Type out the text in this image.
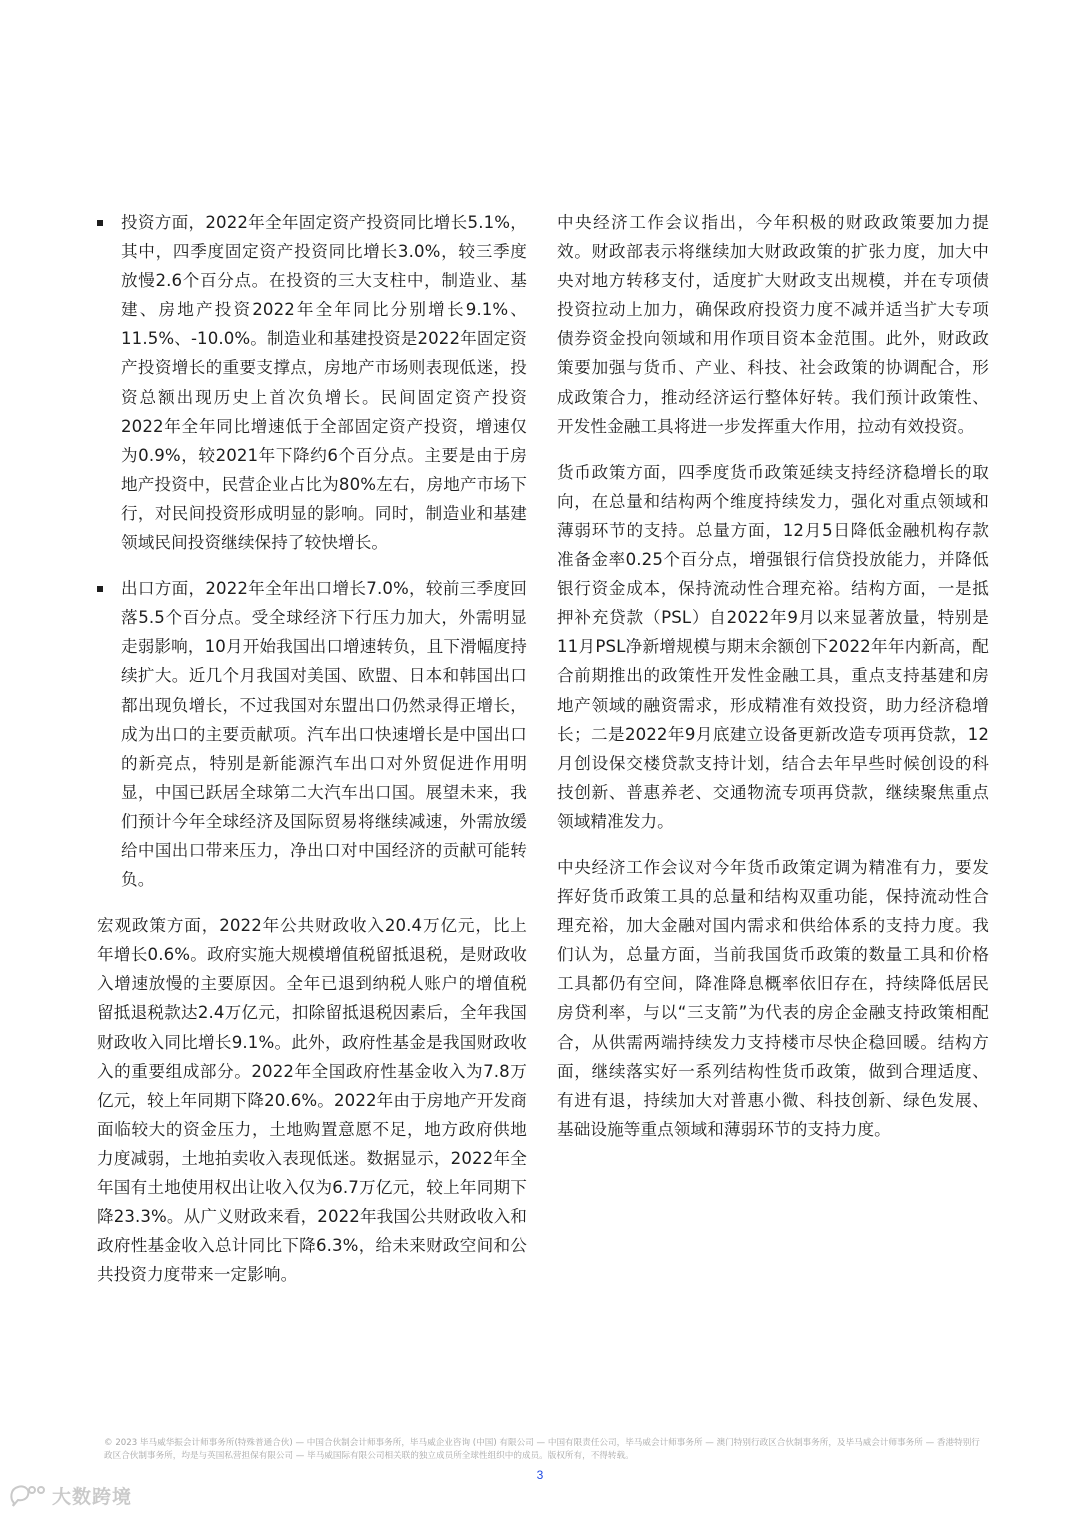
投资方面，2022年全年固定资产投资同比增长5.1%，其中，四季度固定资产投资同比增长3.0%，较三季度放慢2.6个百分点。在投资的三大支柱中，制造业、基建、房地产投资2022年全年同比分别增长9.1%、11.5%、-10.0%。制造业和基建投资是2022年固定资产投资增长的重要支撑点，房地产市场则表现低迷，投资总额出现历史上首次负增长。民间固定资产投资2022年全年同比增速低于全部固定资产投资，增速仅为0.9%，较2021年下降约6个百分点。主要是由于房地产投资中，民营企业占比为80%左右，房地产市场下行，对民间投资形成明显的影响。同时，制造业和基建领域民间投资继续保持了较快增长。
出口方面，2022年全年出口增长7.0%，较前三季度回落5.5个百分点。受全球经济下行压力加大，外需明显走弱影响，10月开始我国出口增速转负，且下滑幅度持续扩大。近几个月我国对美国、欧盟、日本和韩国出口都出现负增长，不过我国对东盟出口仍然录得正增长，成为出口的主要贡献项。汽车出口快速增长是中国出口的新亮点，特别是新能源汽车出口对外贸促进作用明显，中国已跃居全球第二大汽车出口国。展望未来，我们预计今年全球经济及国际贸易将继续减速，外需放缓给中国出口带来压力，净出口对中国经济的贡献可能转负。

宏观政策方面，2022年公共财政收入20.4万亿元，比上年增长0.6%。政府实施大规模增值税留抵退税，是财政收入增速放慢的主要原因。全年已退到纳税人账户的增值税留抵退税款达2.4万亿元，扣除留抵退税因素后，全年我国财政收入同比增长9.1%。此外，政府性基金是我国财政收入的重要组成部分。2022年全国政府性基金收入为7.8万亿元，较上年同期下降20.6%。2022年由于房地产开发商面临较大的资金压力，土地购置意愿不足，地方政府供地力度减弱，土地拍卖收入表现低迷。数据显示，2022年全年国有土地使用权出让收入仅为6.7万亿元，较上年同期下降23.3%。从广义财政来看，2022年我国公共财政收入和政府性基金收入总计同比下降6.3%，给未来财政空间和公共投资力度带来一定影响。

中央经济工作会议指出，今年积极的财政政策要加力提效。财政部表示将继续加大财政政策的扩张力度，加大中央对地方转移支付，适度扩大财政支出规模，并在专项债投资拉动上加力，确保政府投资力度不减并适当扩大专项债券资金投向领域和用作项目资本金范围。此外，财政政策要加强与货币、产业、科技、社会政策的协调配合，形成政策合力，推动经济运行整体好转。我们预计政策性、开发性金融工具将进一步发挥重大作用，拉动有效投资。

货币政策方面，四季度货币政策延续支持经济稳增长的取向，在总量和结构两个维度持续发力，强化对重点领域和薄弱环节的支持。总量方面，12月5日降低金融机构存款准备金率0.25个百分点，增强银行信贷投放能力，并降低银行资金成本，保持流动性合理充裕。结构方面，一是抵押补充贷款（PSL）自2022年9月以来显著放量，特别是11月PSL净新增规模与期末余额创下2022年年内新高，配合前期推出的政策性开发性金融工具，重点支持基建和房地产领域的融资需求，形成精准有效投资，助力经济稳增长；二是2022年9月底建立设备更新改造专项再贷款，12月创设保交楼贷款支持计划，结合去年早些时候创设的科技创新、普惠养老、交通物流专项再贷款，继续聚焦重点领域精准发力。

中央经济工作会议对今年货币政策定调为精准有力，要发挥好货币政策工具的总量和结构双重功能，保持流动性合理充裕，加大金融对国内需求和供给体系的支持力度。我们认为，总量方面，当前我国货币政策的数量工具和价格工具都仍有空间，降准降息概率依旧存在，持续降低居民房贷利率，与以“三支箭”为代表的房企金融支持政策相配合，从供需两端持续发力支持楼市尽快企稳回暖。结构方面，继续落实好一系列结构性货币政策，做到合理适度、有进有退，持续加大对普惠小微、科技创新、绿色发展、基础设施等重点领域和薄弱环节的支持力度。

© 2023 毕马威华振会计师事务所(特殊普通合伙) — 中国合伙制会计师事务所，毕马威企业咨询 (中国) 有限公司 — 中国有限责任公司，毕马威会计师事务所 — 澳门特别行政区合伙制事务所，及毕马威会计师事务所 — 香港特别行政区合伙制事务所，均是与英国私营担保有限公司 — 毕马威国际有限公司相关联的独立成员所全球性组织中的成员。版权所有，不得转载。
3
大数跨境
